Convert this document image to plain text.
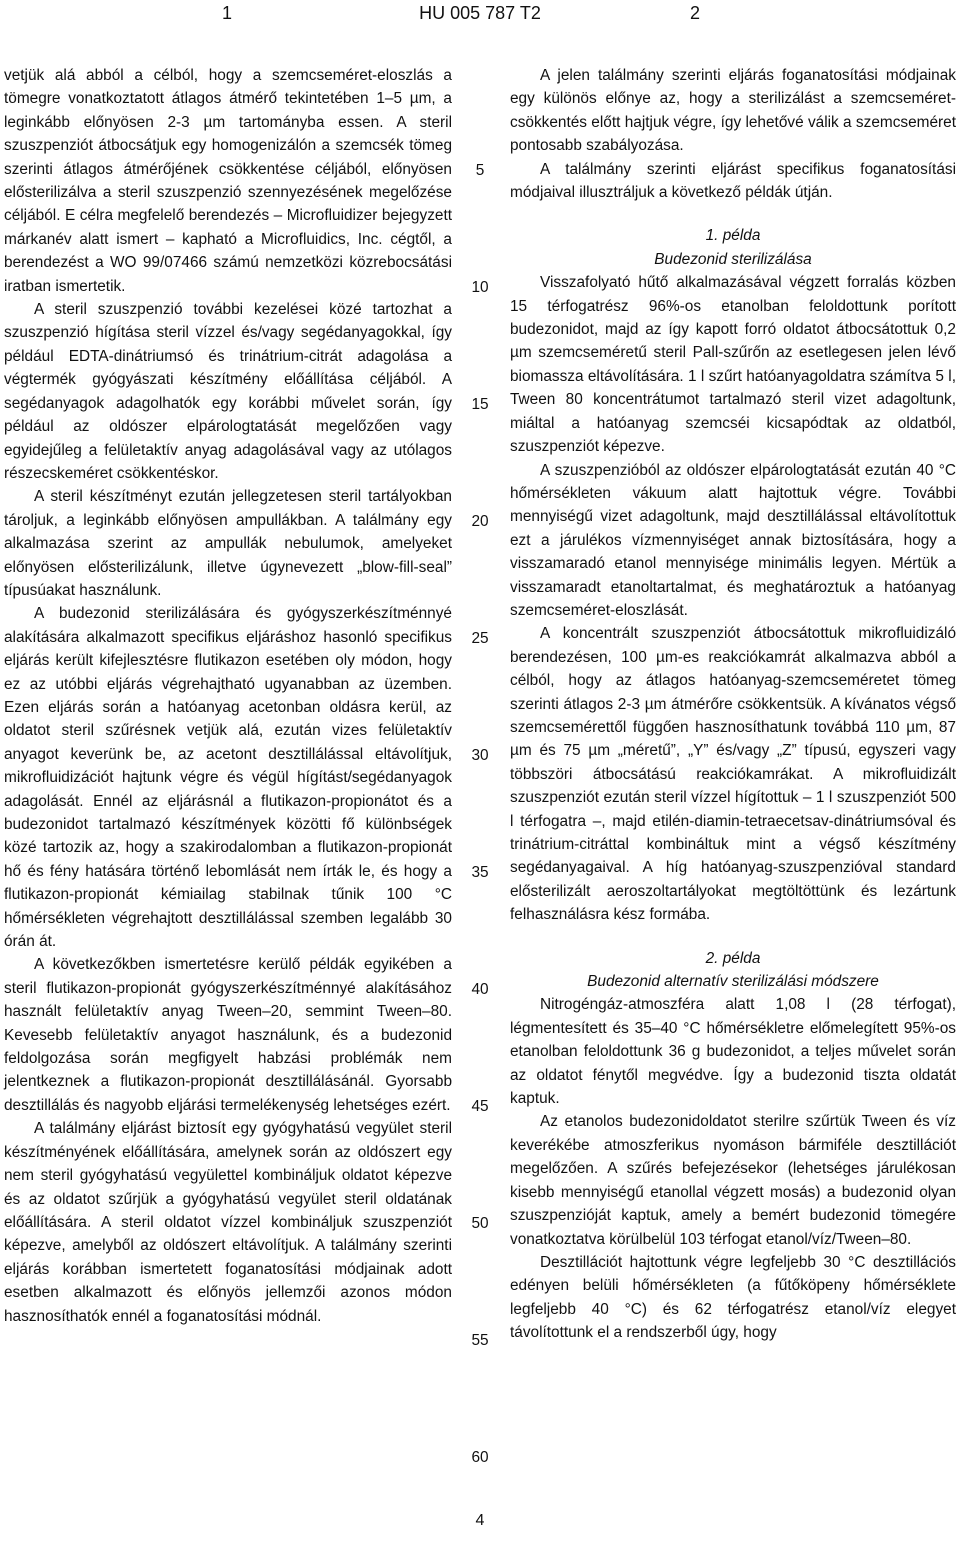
1	HU 005 787 T2	2

vetjük alá abból a célból, hogy a szemcseméret-eloszlás a tömegre vonatkoztatott átlagos átmérő tekintetében 1–5 µm, a leginkább előnyösen 2-3 µm tartományba essen. A steril szuszpenziót átbocsátjuk egy homogenizálón a szemcsék tömeg szerinti átlagos átmérőjének csökkentése céljából, előnyösen elősterilizálva a steril szuszpenzió szennyezésének megelőzése céljából. E célra megfelelő berendezés – Microfluidizer bejegyzett márkanév alatt ismert – kapható a Microfluidics, Inc. cégtől, a berendezést a WO 99/07466 számú nemzetközi közrebocsátási iratban ismertetik.

A steril szuszpenzió további kezelései közé tartozhat a szuszpenzió hígítása steril vízzel és/vagy segédanyagokkal, így például EDTA-dinátriumsó és trinátrium-citrát adagolása a végtermék gyógyászati készítmény előállítása céljából. A segédanyagok adagolhatók egy korábbi művelet során, így például az oldószer elpárologtatását megelőzően vagy egyidejűleg a felületaktív anyag adagolásával vagy az utólagos részecskeméret csökkentéskor.

A steril készítményt ezután jellegzetesen steril tartályokban tároljuk, a leginkább előnyösen ampullákban. A találmány egy alkalmazása szerint az ampullák nebulumok, amelyeket előnyösen elősterilizálunk, illetve úgynevezett „blow-fill-seal” típusúakat használunk.

A budezonid sterilizálására és gyógyszerkészítménnyé alakítására alkalmazott specifikus eljáráshoz hasonló specifikus eljárás került kifejlesztésre flutikazon esetében oly módon, hogy ez az utóbbi eljárás végrehajtható ugyanabban az üzemben. Ezen eljárás során a hatóanyag acetonban oldásra kerül, az oldatot steril szűrésnek vetjük alá, ezután vizes felületaktív anyagot keverünk be, az acetont desztillálással eltávolítjuk, mikrofluidizációt hajtunk végre és végül hígítást/segédanyagok adagolását. Ennél az eljárásnál a flutikazon-propionátot és a budezonidot tartalmazó készítmények közötti fő különbségek közé tartozik az, hogy a szakirodalomban a flutikazon-propionát hő és fény hatására történő lebomlását nem írták le, és hogy a flutikazon-propionát kémiailag stabilnak tűnik 100 °C hőmérsékleten végrehajtott desztillálással szemben legalább 30 órán át.

A következőkben ismertetésre kerülő példák egyikében a steril flutikazon-propionát gyógyszerkészítménnyé alakításához használt felületaktív anyag Tween–20, semmint Tween–80. Kevesebb felületaktív anyagot használunk, és a budezonid feldolgozása során megfigyelt habzási problémák nem jelentkeznek a flutikazon-propionát desztillálásánál. Gyorsabb desztillálás és nagyobb eljárási termelékenység lehetséges ezért.

A találmány eljárást biztosít egy gyógyhatású vegyület steril készítményének előállítására, amelynek során az oldószert egy nem steril gyógyhatású vegyülettel kombináljuk oldatot képezve és az oldatot szűrjük a gyógyhatású vegyület steril oldatának előállítására. A steril oldatot vízzel kombináljuk szuszpenziót képezve, amelyből az oldószert eltávolítjuk. A találmány szerinti eljárás korábban ismertetett foganatosítási módjainak adott esetben alkalmazott és előnyös jellemzői azonos módon hasznosíthatók ennél a foganatosítási módnál.

5
10
15
20
25
30
35
40
45
50
55
60

A jelen találmány szerinti eljárás foganatosítási módjainak egy különös előnye az, hogy a sterilizálást a szemcseméret-csökkentés előtt hajtjuk végre, így lehetővé válik a szemcseméret pontosabb szabályozása.

A találmány szerinti eljárást specifikus foganatosítási módjaival illusztráljuk a következő példák útján.

1. példa

Budezonid sterilizálása

Visszafolyató hűtő alkalmazásával végzett forralás közben 15 térfogatrész 96%-os etanolban feloldottunk porított budezonidot, majd az így kapott forró oldatot átbocsátottuk 0,2 µm szemcseméretű steril Pall-szűrőn az esetlegesen jelen lévő biomassza eltávolítására. 1 l szűrt hatóanyagoldatra számítva 5 l, Tween 80 koncentrátumot tartalmazó steril vizet adagoltunk, miáltal a hatóanyag szemcséi kicsapódtak az oldatból, szuszpenziót képezve.

A szuszpenzióból az oldószer elpárologtatását ezután 40 °C hőmérsékleten vákuum alatt hajtottuk végre. További mennyiségű vizet adagoltunk, majd desztillálással eltávolítottuk ezt a járulékos vízmennyiséget annak biztosítására, hogy a visszamaradó etanol mennyisége minimális legyen. Mértük a visszamaradt etanoltartalmat, és meghatároztuk a hatóanyag szemcseméret-eloszlását.

A koncentrált szuszpenziót átbocsátottuk mikrofluidizáló berendezésen, 100 µm-es reakciókamrát alkalmazva abból a célból, hogy az átlagos hatóanyag-szemcseméretet tömeg szerinti átlagos 2-3 µm átmérőre csökkentsük. A kívánatos végső szemcsemérettől függően hasznosíthatunk továbbá 110 µm, 87 µm és 75 µm „méretű”, „Y” és/vagy „Z” típusú, egyszeri vagy többszöri átbocsátású reakciókamrákat. A mikrofluidizált szuszpenziót ezután steril vízzel hígítottuk – 1 l szuszpenziót 500 l térfogatra –, majd etilén-diamin-tetraecetsav-dinátriumsóval és trinátrium-citráttal kombináltuk mint a végső készítmény segédanyagaival. A híg hatóanyag-szuszpenzióval standard elősterilizált aeroszoltartályokat megtöltöttünk és lezártunk felhasználásra kész formába.

2. példa

Budezonid alternatív sterilizálási módszere

Nitrogéngáz-atmoszféra alatt 1,08 l (28 térfogat), légmentesített és 35–40 °C hőmérsékletre előmelegített 95%-os etanolban feloldottunk 36 g budezonidot, a teljes művelet során az oldatot fénytől megvédve. Így a budezonid tiszta oldatát kaptuk.

Az etanolos budezonidoldatot sterilre szűrtük Tween és víz keverékébe atmoszferikus nyomáson bármiféle desztillációt megelőzően. A szűrés befejezésekor (lehetséges járulékosan kisebb mennyiségű etanollal végzett mosás) a budezonid olyan szuszpenzióját kaptuk, amely a bemért budezonid tömegére vonatkoztatva körülbelül 103 térfogat etanol/víz/Tween–80.

Desztillációt hajtottunk végre legfeljebb 30 °C desztillációs edényen belüli hőmérsékleten (a fűtőköpeny hőmérséklete legfeljebb 40 °C) és 62 térfogatrész etanol/víz elegyet távolítottunk el a rendszerből úgy, hogy

4
